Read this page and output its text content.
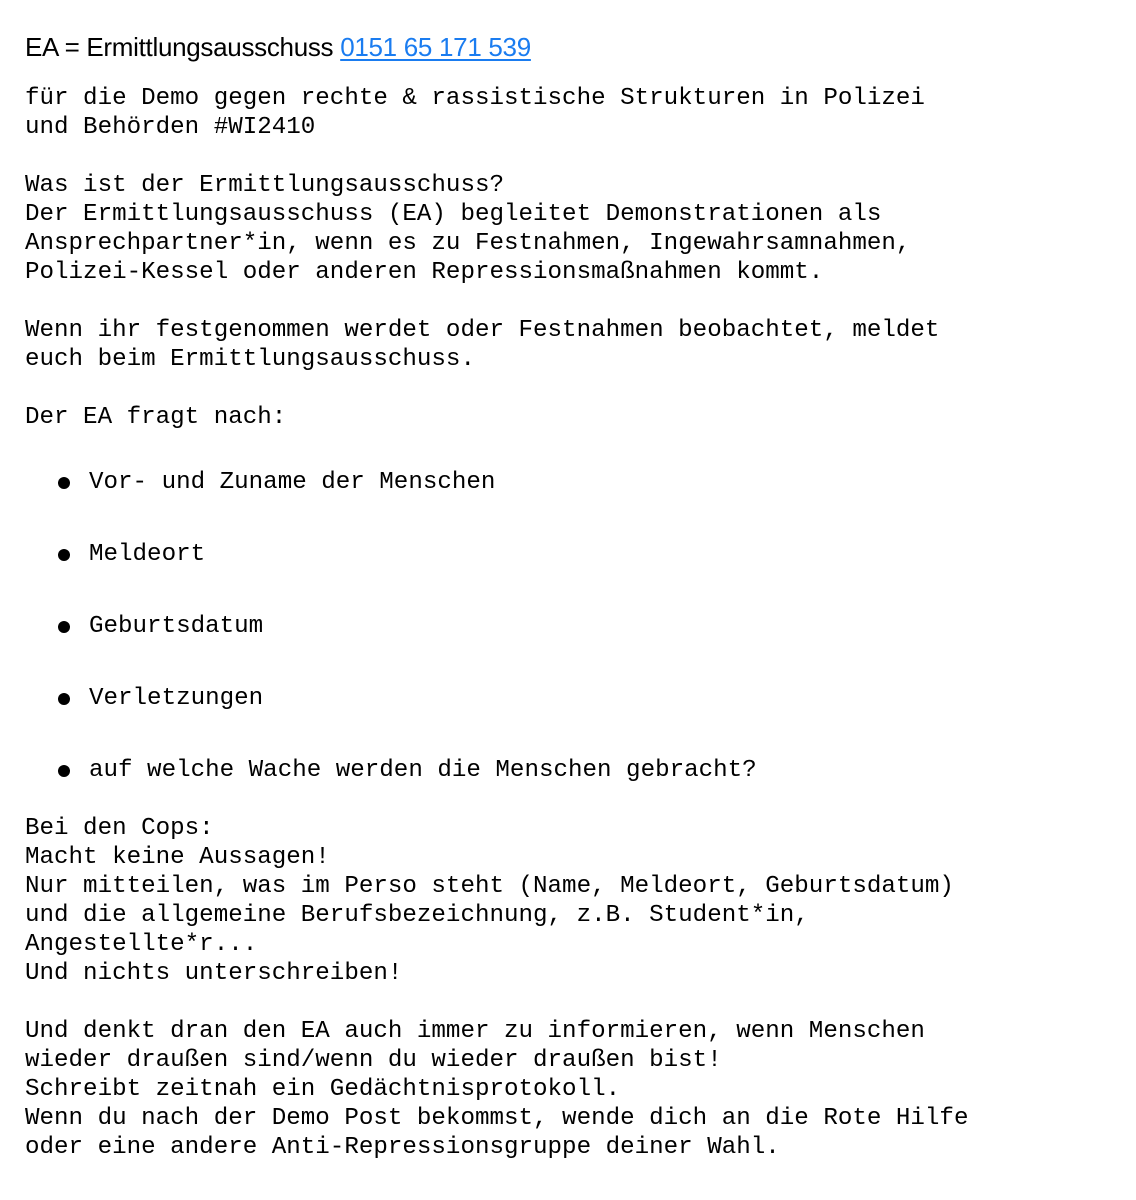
EA = Ermittlungsausschuss 0151 65 171 539

für die Demo gegen rechte & rassistische Strukturen in Polizei

und Behörden #WI2410

Was ist der Ermittlungsausschuss?

Der Ermittlungsausschuss (EA) begleitet Demonstrationen als

Ansprechpartner*in, wenn es zu Festnahmen, Ingewahrsamnahmen,

Polizei-Kessel oder anderen Repressionsmaßnahmen kommt.

Wenn ihr festgenommen werdet oder Festnahmen beobachtet, meldet

euch beim Ermittlungsausschuss.

Der EA fragt nach:

Vor- und Zuname der Menschen
Meldeort
Geburtsdatum
Verletzungen
auf welche Wache werden die Menschen gebracht?

Bei den Cops:

Macht keine Aussagen!

Nur mitteilen, was im Perso steht (Name, Meldeort, Geburtsdatum)

und die allgemeine Berufsbezeichnung, z.B. Student*in,

Angestellte*r...

Und nichts unterschreiben!

Und denkt dran den EA auch immer zu informieren, wenn Menschen

wieder draußen sind/wenn du wieder draußen bist!

Schreibt zeitnah ein Gedächtnisprotokoll.

Wenn du nach der Demo Post bekommst, wende dich an die Rote Hilfe

oder eine andere Anti-Repressionsgruppe deiner Wahl.
